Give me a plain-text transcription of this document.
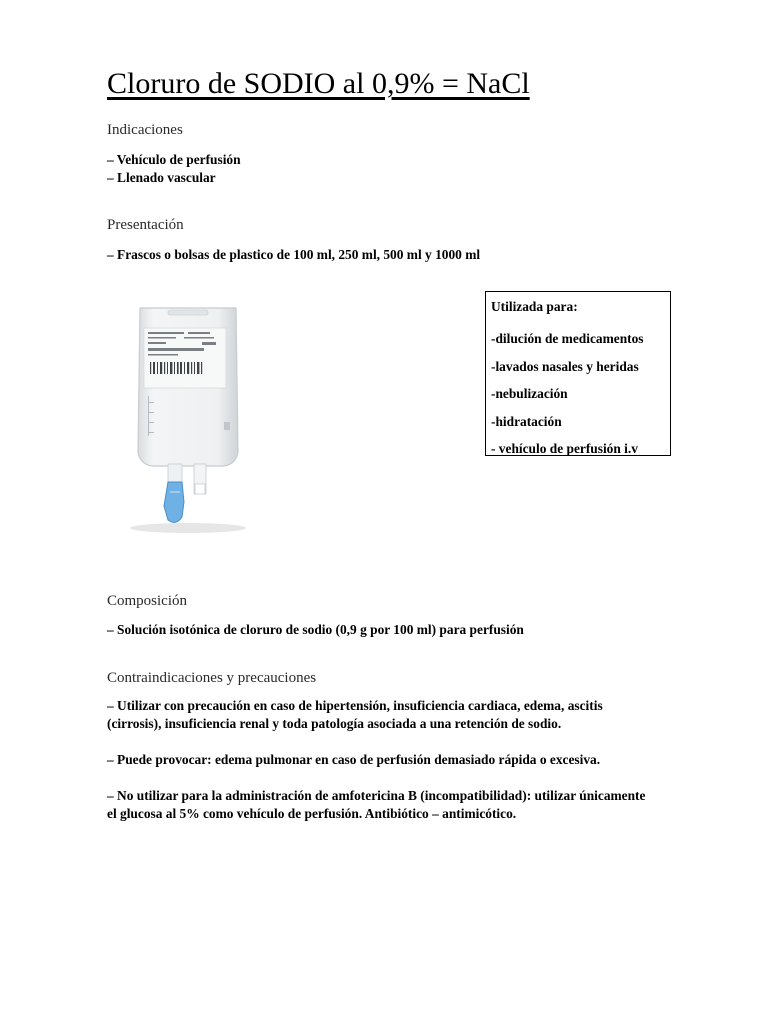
Cloruro de SODIO al 0,9% = NaCl
Indicaciones
– Vehículo de perfusión
– Llenado vascular
Presentación
– Frascos o bolsas de plastico de 100 ml, 250 ml, 500 ml y 1000 ml
Utilizada para:
-dilución de medicamentos
-lavados nasales y heridas
-nebulización
-hidratación
- vehículo de perfusión i.v
Composición
– Solución isotónica de cloruro de sodio (0,9 g por 100 ml) para perfusión
Contraindicaciones y precauciones
– Utilizar con precaución en caso de hipertensión, insuficiencia cardiaca, edema, ascitis (cirrosis), insuficiencia renal y toda patología asociada a una retención de sodio.
– Puede provocar: edema pulmonar en caso de perfusión demasiado rápida o excesiva.
– No utilizar para la administración de amfotericina B (incompatibilidad): utilizar únicamente el glucosa al 5% como vehículo de perfusión. Antibiótico – antimicótico.
